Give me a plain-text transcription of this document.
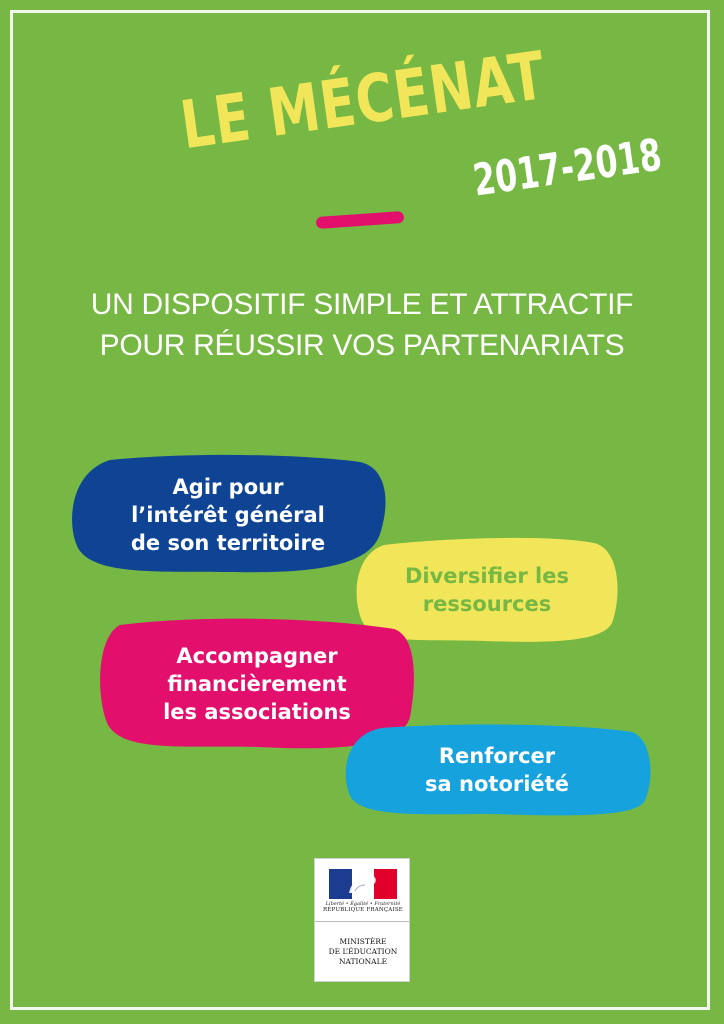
LE MÉCÉNAT
2017-2018
UN DISPOSITIF SIMPLE ET ATTRACTIF
POUR RÉUSSIR VOS PARTENARIATS
Agir pour
l’intérêt général
de son territoire
Diversifier les
ressources
Accompagner
financièrement
les associations
Renforcer
sa notoriété
Liberté • Égalité • Fraternité
RÉPUBLIQUE FRANÇAISE
MINISTÈRE
DE L’ÉDUCATION
NATIONALE
